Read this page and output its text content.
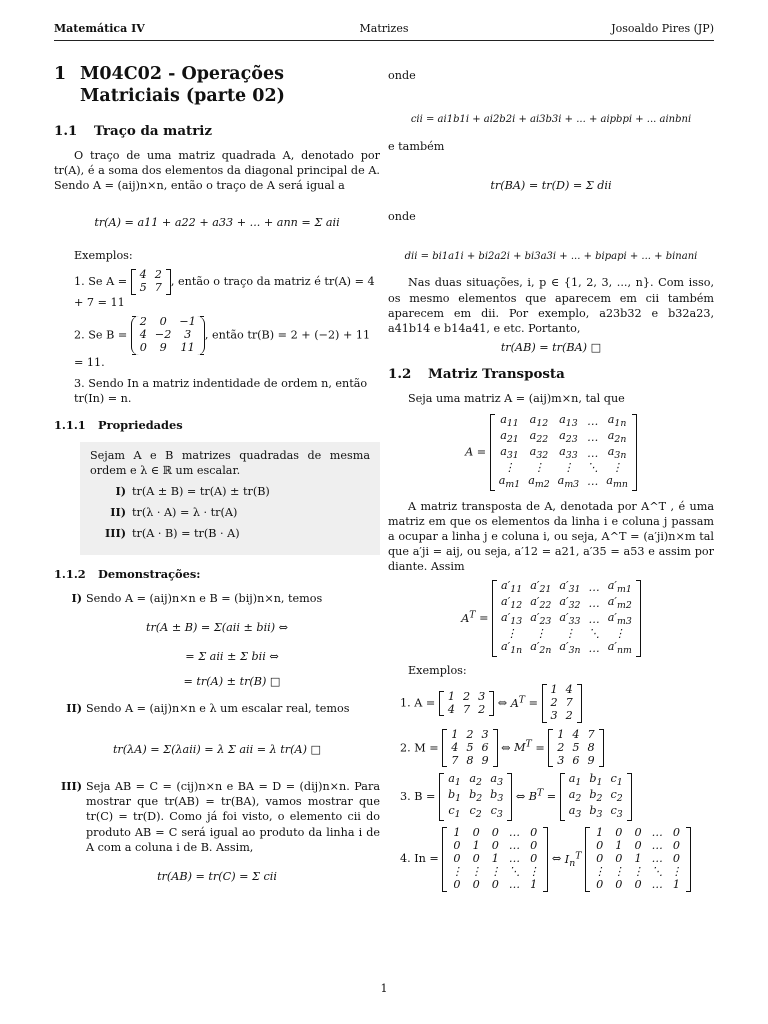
Matemática IV	Matrizes	Josoaldo Pires (JP)
1 M04C02 - Operações Matriciais (parte 02)
1.1 Traço da matriz

O traço de uma matriz quadrada A, denotado por tr(A), é a soma dos elementos da diagonal principal de A. Sendo A = (aij)n×n, então o traço de A será igual a

tr(A) = a11 + a22 + a33 + ... + ann = Σ aii

Exemplos:

1. Se A =
4	2
5	7 , então o traço da matriz é tr(A) = 4 + 7 = 11
2. Se B =
2	0	−1
4	−2	3
0	9	11
, então tr(B) = 2 + (−2) + 11 = 11.
3. Sendo In a matriz indentidade de ordem n, então tr(In) = n.
1.1.1 Propriedades

Sejam A e B matrizes quadradas de mesma ordem e λ ∈ ℝ um escalar.

I) tr(A ± B) = tr(A) ± tr(B)
II) tr(λ · A) = λ · tr(A)
III) tr(A · B) = tr(B · A)
1.1.2 Demonstrações:
I) Sendo A = (aij)n×n e B = (bij)n×n, temos
tr(A ± B) = Σ(aii ± bii) ⇔
= Σ aii ± Σ bii ⇔
= tr(A) ± tr(B) □
II) Sendo A = (aij)n×n e λ um escalar real, temos
tr(λA) = Σ(λaii) = λ Σ aii = λ tr(A) □
III) Seja AB = C = (cij)n×n e BA = D = (dij)n×n. Para mostrar que tr(AB) = tr(BA), vamos mostrar que tr(C) = tr(D). Como já foi visto, o elemento cii do produto AB = C será igual ao produto da linha i de A com a coluna i de B. Assim,
tr(AB) = tr(C) = Σ cii

onde

cii = ai1b1i + ai2b2i + ai3b3i + ... + aipbpi + ... ainbni

e também

tr(BA) = tr(D) = Σ dii

onde

dii = bi1a1i + bi2a2i + bi3a3i + ... + bipapi + ... + binani

Nas duas situações, i, p ∈ {1, 2, 3, ..., n}. Com isso, os mesmo elementos que aparecem em cii também aparecem em dii. Por exemplo, a23b32 e b32a23, a41b14 e b14a41, e etc. Portanto,

tr(AB) = tr(BA) □
1.2 Matriz Transposta

Seja uma matriz A = (aij)m×n, tal que

A =
$a_{11}$	$a_{12}$	$a_{13}$	…	$a_{1n}$
$a_{21}$	$a_{22}$	$a_{23}$	…	$a_{2n}$
$a_{31}$	$a_{32}$	$a_{33}$	…	$a_{3n}$
⋮	⋮	⋮	⋱	⋮
$a_{m1}$	$a_{m2}$	$a_{m3}$	…	$a_{mn}$

A matriz transposta de A, denotada por A^T , é uma matriz em que os elementos da linha i e coluna j passam a ocupar a linha j e coluna i, ou seja, A^T = (a′ji)n×m tal que a′ji = aij, ou seja, a′12 = a21, a′35 = a53 e assim por diante. Assim

$A^T$ =
$a'_{11}$	$a'_{21}$	$a'_{31}$	…	$a'_{m1}$
$a'_{12}$	$a'_{22}$	$a'_{32}$	…	$a'_{m2}$
$a'_{13}$	$a'_{23}$	$a'_{33}$	…	$a'_{m3}$
⋮	⋮	⋮	⋱	⋮
$a'_{1n}$	$a'_{2n}$	$a'_{3n}$	…	$a'_{nm}$

Exemplos:

1. A =
1	2	3
4	7	2 ⇔ $A^T$ =
1	4
2	7
3	2
2. M =
1	2	3
4	5	6
7	8	9
⇔ $M^T$ =
1	4	7
2	5	8
3	6	9
3. B =
$a_1$	$a_2$	$a_3$
$b_1$	$b_2$	$b_3$
$c_1$	$c_2$	$c_3$
⇔ $B^T$ =
$a_1$	$b_1$	$c_1$
$a_2$	$b_2$	$c_2$
$a_3$	$b_3$	$c_3$
4. In =
1	0	0	…	0
0	1	0	…	0
0	0	1	…	0
⋮	⋮	⋮	⋱	⋮
0	0	0	…	1
⇔ $I_n^T$
1	0	0	…	0
0	1	0	…	0
0	0	1	…	0
⋮	⋮	⋮	⋱	⋮
0	0	0	…	1
1
